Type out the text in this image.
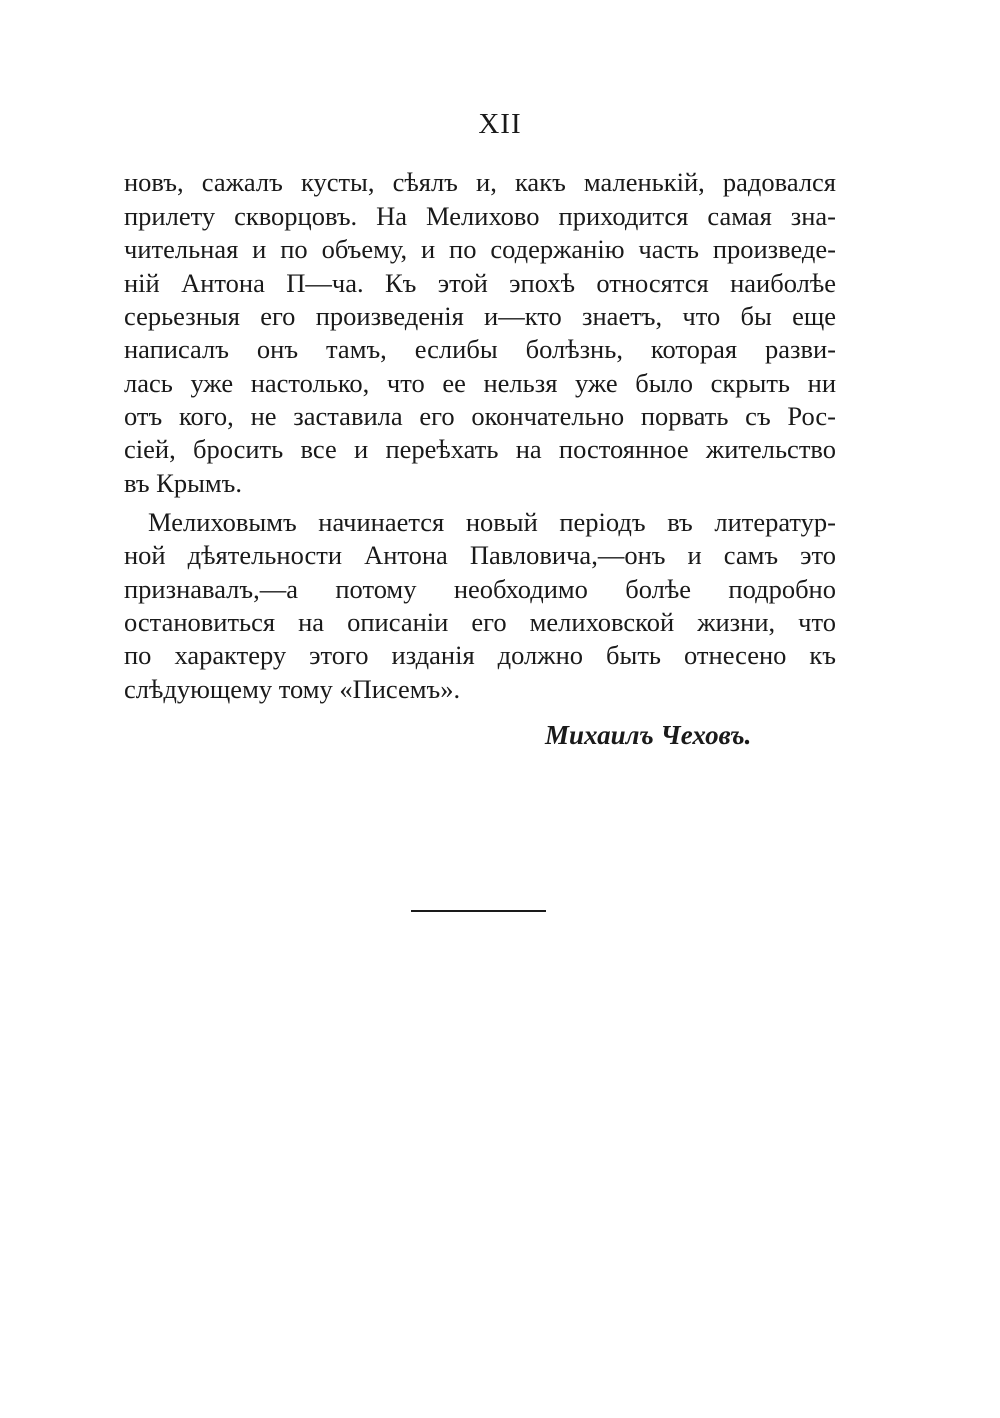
XII
новъ, сажалъ кусты, сѣялъ и, какъ маленькій, радовался
прилету скворцовъ. На Мелихово приходится самая зна-
чительная и по объему, и по содержанію часть произведе-
ній Антона П—ча. Къ этой эпохѣ относятся наиболѣе
серьезныя его произведенія и—кто знаетъ, что бы еще
написалъ онъ тамъ, еслибы болѣзнь, которая разви-
лась уже настолько, что ее нельзя уже было скрыть ни
отъ кого, не заставила его окончательно порвать съ Рос-
сіей, бросить все и переѣхать на постоянное жительство
въ Крымъ.
Мелиховымъ начинается новый періодъ въ литератур-
ной дѣятельности Антона Павловича,—онъ и самъ это
признавалъ,—а потому необходимо болѣе подробно
остановиться на описаніи его мелиховской жизни, что
по характеру этого изданія должно быть отнесено къ
слѣдующему тому «Писемъ».
Михаилъ Чеховъ.
